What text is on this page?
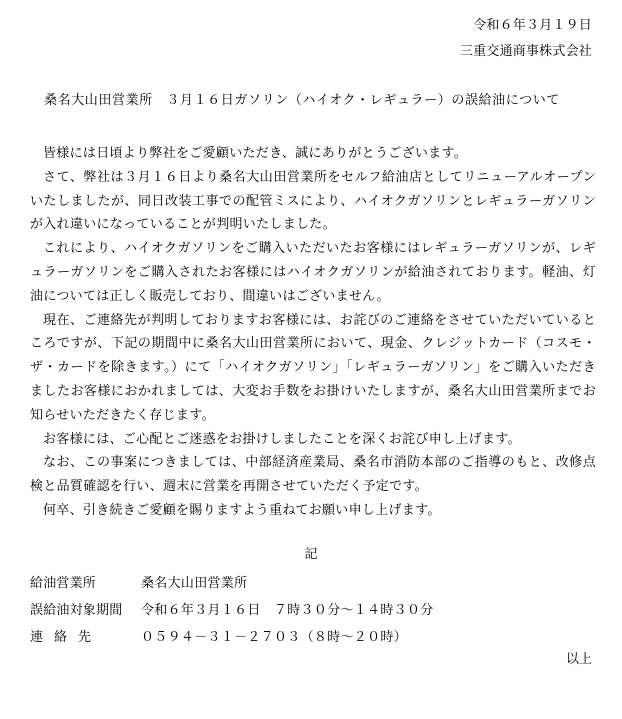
令和６年３月１９日
三重交通商事株式会社
桑名大山田営業所　３月１６日ガソリン（ハイオク・レギュラー）の誤給油について

皆様には日頃より弊社をご愛顧いただき、誠にありがとうございます。

さて、弊社は３月１６日より桑名大山田営業所をセルフ給油店としてリニューアルオープンいたしましたが、同日改装工事での配管ミスにより、ハイオクガソリンとレギュラーガソリンが入れ違いになっていることが判明いたしました。

これにより、ハイオクガソリンをご購入いただいたお客様にはレギュラーガソリンが、レギュラーガソリンをご購入されたお客様にはハイオクガソリンが給油されております。軽油、灯油については正しく販売しており、間違いはございません。

現在、ご連絡先が判明しておりますお客様には、お詫びのご連絡をさせていただいているところですが、下記の期間中に桑名大山田営業所において、現金、クレジットカード（コスモ・ザ・カードを除きます。）にて「ハイオクガソリン」「レギュラーガソリン」をご購入いただきましたお客様におかれましては、大変お手数をお掛けいたしますが、桑名大山田営業所までお知らせいただきたく存じます。

お客様には、ご心配とご迷惑をお掛けしましたことを深くお詫び申し上げます。

なお、この事案につきましては、中部経済産業局、桑名市消防本部のご指導のもと、改修点検と品質確認を行い、週末に営業を再開させていただく予定です。

何卒、引き続きご愛顧を賜りますよう重ねてお願い申し上げます。

記
給油営業所	桑名大山田営業所
誤給油対象期間	令和６年３月１６日　７時３０分～１４時３０分
連絡先	０５９４－３１－２７０３（８時～２０時）
以上
